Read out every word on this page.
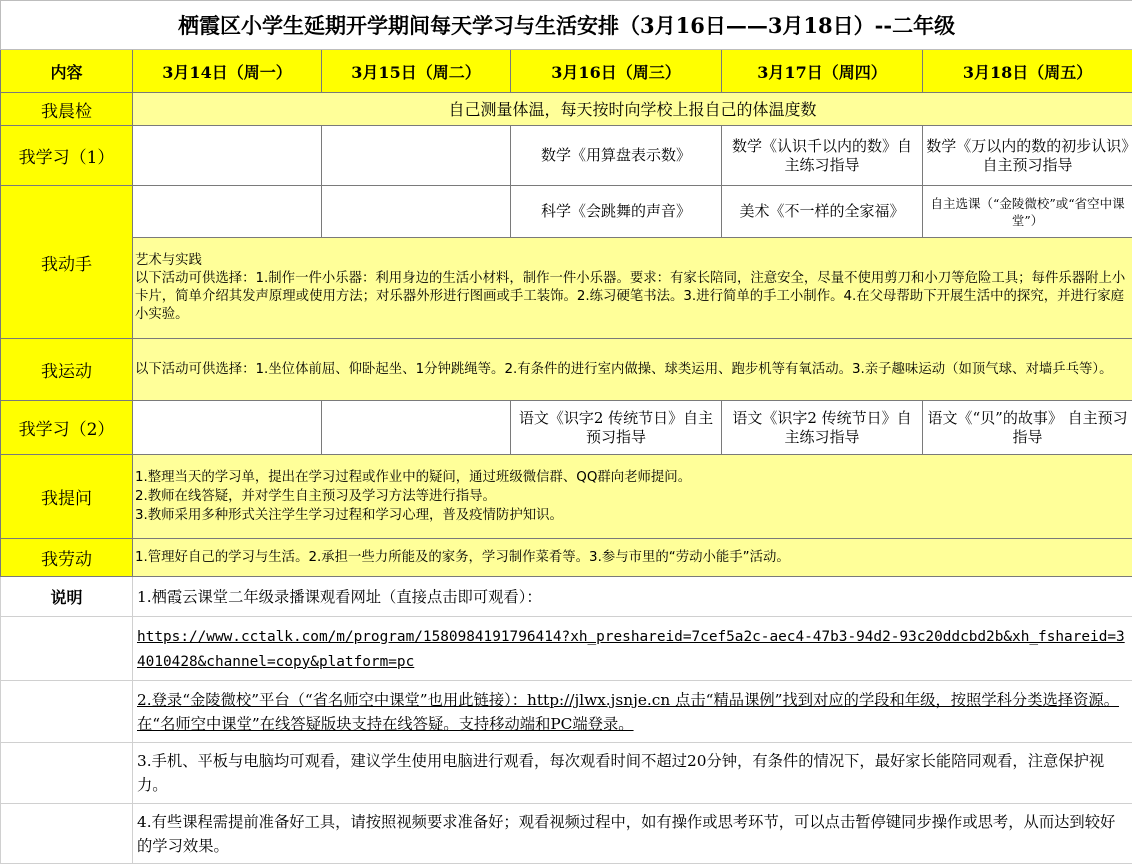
栖霞区小学生延期开学期间每天学习与生活安排（3月16日——3月18日）--二年级					
内容	3月14日（周一）	3月15日（周二）	3月16日（周三）	3月17日（周四）	3月18日（周五）
我晨检	自己测量体温，每天按时向学校上报自己的体温度数				
我学习（1）			数学《用算盘表示数》	数学《认识千以内的数》自主练习指导	数学《万以内的数的初步认识》自主预习指导
我动手			科学《会跳舞的声音》	美术《不一样的全家福》	自主选课（“金陵微校”或“省空中课堂”）

	艺术与实践
以下活动可供选择：1.制作一件小乐器：利用身边的生活小材料，制作一件小乐器。要求：有家长陪同，注意安全，尽量不使用剪刀和小刀等危险工具；每件乐器附上小卡片，简单介绍其发声原理或使用方法；对乐器外形进行图画或手工装饰。2.练习硬笔书法。3.进行简单的手工小制作。4.在父母帮助下开展生活中的探究，并进行家庭小实验。				

我运动	以下活动可供选择：1.坐位体前屈、仰卧起坐、1分钟跳绳等。2.有条件的进行室内做操、球类运用、跑步机等有氧活动。3.亲子趣味运动（如顶气球、对墙乒乓等）。				
我学习（2）			语文《识字2 传统节日》自主预习指导	语文《识字2 传统节日》自主练习指导	语文《“贝”的故事》 自主预习指导
我提问	1.整理当天的学习单，提出在学习过程或作业中的疑问，通过班级微信群、QQ群向老师提问。
2.教师在线答疑，并对学生自主预习及学习方法等进行指导。
3.教师采用多种形式关注学生学习过程和学习心理，普及疫情防护知识。				

我劳动	1.管理好自己的学习与生活。2.承担一些力所能及的家务，学习制作菜肴等。3.参与市里的“劳动小能手”活动。				
说明	1.栖霞云课堂二年级录播课观看网址（直接点击即可观看）：				
	https://www.cctalk.com/m/program/1580984191796414?xh_preshareid=7cef5a2c-aec4-47b3-94d2-93c20ddcbd2b&xh_fshareid=34010428&channel=copy&platform=pc				
	2.登录“金陵微校”平台（“省名师空中课堂”也用此链接）：http://jlwx.jsnje.cn 点击“精品课例”找到对应的学段和年级，按照学科分类选择资源。在“名师空中课堂”在线答疑版块支持在线答疑。支持移动端和PC端登录。				
	3.手机、平板与电脑均可观看，建议学生使用电脑进行观看，每次观看时间不超过20分钟，有条件的情况下，最好家长能陪同观看，注意保护视力。				
	4.有些课程需提前准备好工具，请按照视频要求准备好；观看视频过程中，如有操作或思考环节，可以点击暂停键同步操作或思考，从而达到较好的学习效果。				
